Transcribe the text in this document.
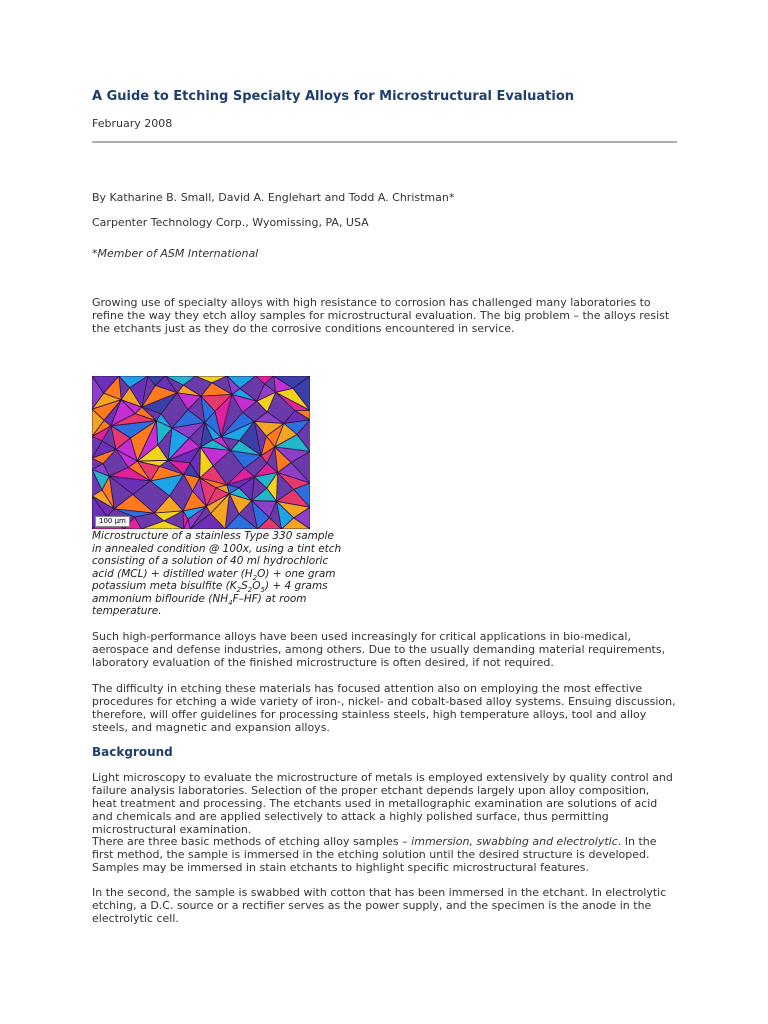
A Guide to Etching Specialty Alloys for Microstructural Evaluation
February 2008
By Katharine B. Small, David A. Englehart and Todd A. Christman*
Carpenter Technology Corp., Wyomissing, PA, USA
*Member of ASM International
Growing use of specialty alloys with high resistance to corrosion has challenged many laboratories to refine the way they etch alloy samples for microstructural evaluation. The big problem – the alloys resist the etchants just as they do the corrosive conditions encountered in service.
100 µm
Microstructure of a stainless Type 330 sample in annealed condition @ 100x, using a tint etch consisting of a solution of 40 ml hydrochloric acid (MCL) + distilled water $(H_2O)$ + one gram potassium meta bisulfite $(K_2S_2O_5) + 4$ grams ammonium biflouride $(NH_4F-HF)$ at room temperature.
Such high-performance alloys have been used increasingly for critical applications in bio-medical, aerospace and defense industries, among others. Due to the usually demanding material requirements, laboratory evaluation of the finished microstructure is often desired, if not required.
The difficulty in etching these materials has focused attention also on employing the most effective procedures for etching a wide variety of iron-, nickel- and cobalt-based alloy systems. Ensuing discussion, therefore, will offer guidelines for processing stainless steels, high temperature alloys, tool and alloy steels, and magnetic and expansion alloys.
Background
Light microscopy to evaluate the microstructure of metals is employed extensively by quality control and failure analysis laboratories. Selection of the proper etchant depends largely upon alloy composition, heat treatment and processing. The etchants used in metallographic examination are solutions of acid and chemicals and are applied selectively to attack a highly polished surface, thus permitting microstructural examination.
There are three basic methods of etching alloy samples – immersion, swabbing and electrolytic. In the first method, the sample is immersed in the etching solution until the desired structure is developed. Samples may be immersed in stain etchants to highlight specific microstructural features.
In the second, the sample is swabbed with cotton that has been immersed in the etchant. In electrolytic etching, a D.C. source or a rectifier serves as the power supply, and the specimen is the anode in the electrolytic cell.
